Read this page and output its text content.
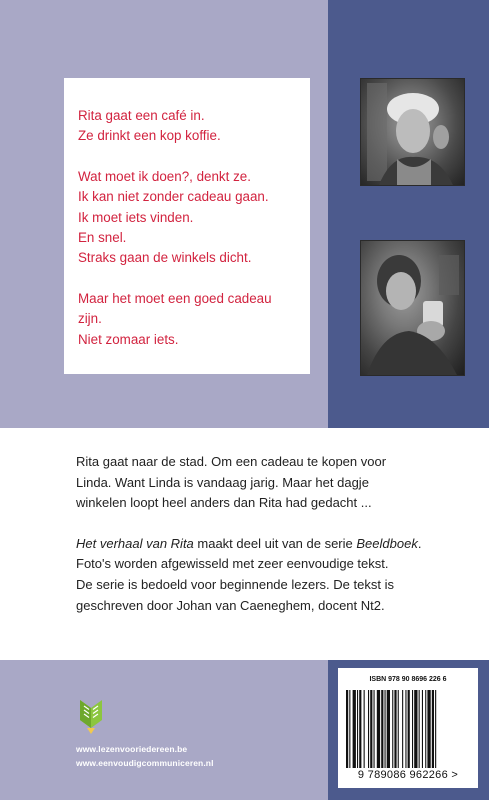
Rita gaat een café in.
Ze drinkt een kop koffie.
Wat moet ik doen?, denkt ze.
Ik kan niet zonder cadeau gaan.
Ik moet iets vinden.
En snel.
Straks gaan de winkels dicht.
Maar het moet een goed cadeau
zijn.
Niet zomaar iets.

Rita gaat naar de stad. Om een cadeau te kopen voor

Linda. Want Linda is vandaag jarig. Maar het dagje

winkelen loopt heel anders dan Rita had gedacht ...

Het verhaal van Rita maakt deel uit van de serie Beeldboek.

Foto's worden afgewisseld met zeer eenvoudige tekst.

De serie is bedoeld voor beginnende lezers. De tekst is

geschreven door Johan van Caeneghem, docent Nt2.

www.lezenvooriedereen.be
www.eenvoudigcommuniceren.nl
ISBN 978 90 8696 226 6
9 789086 962266 >
